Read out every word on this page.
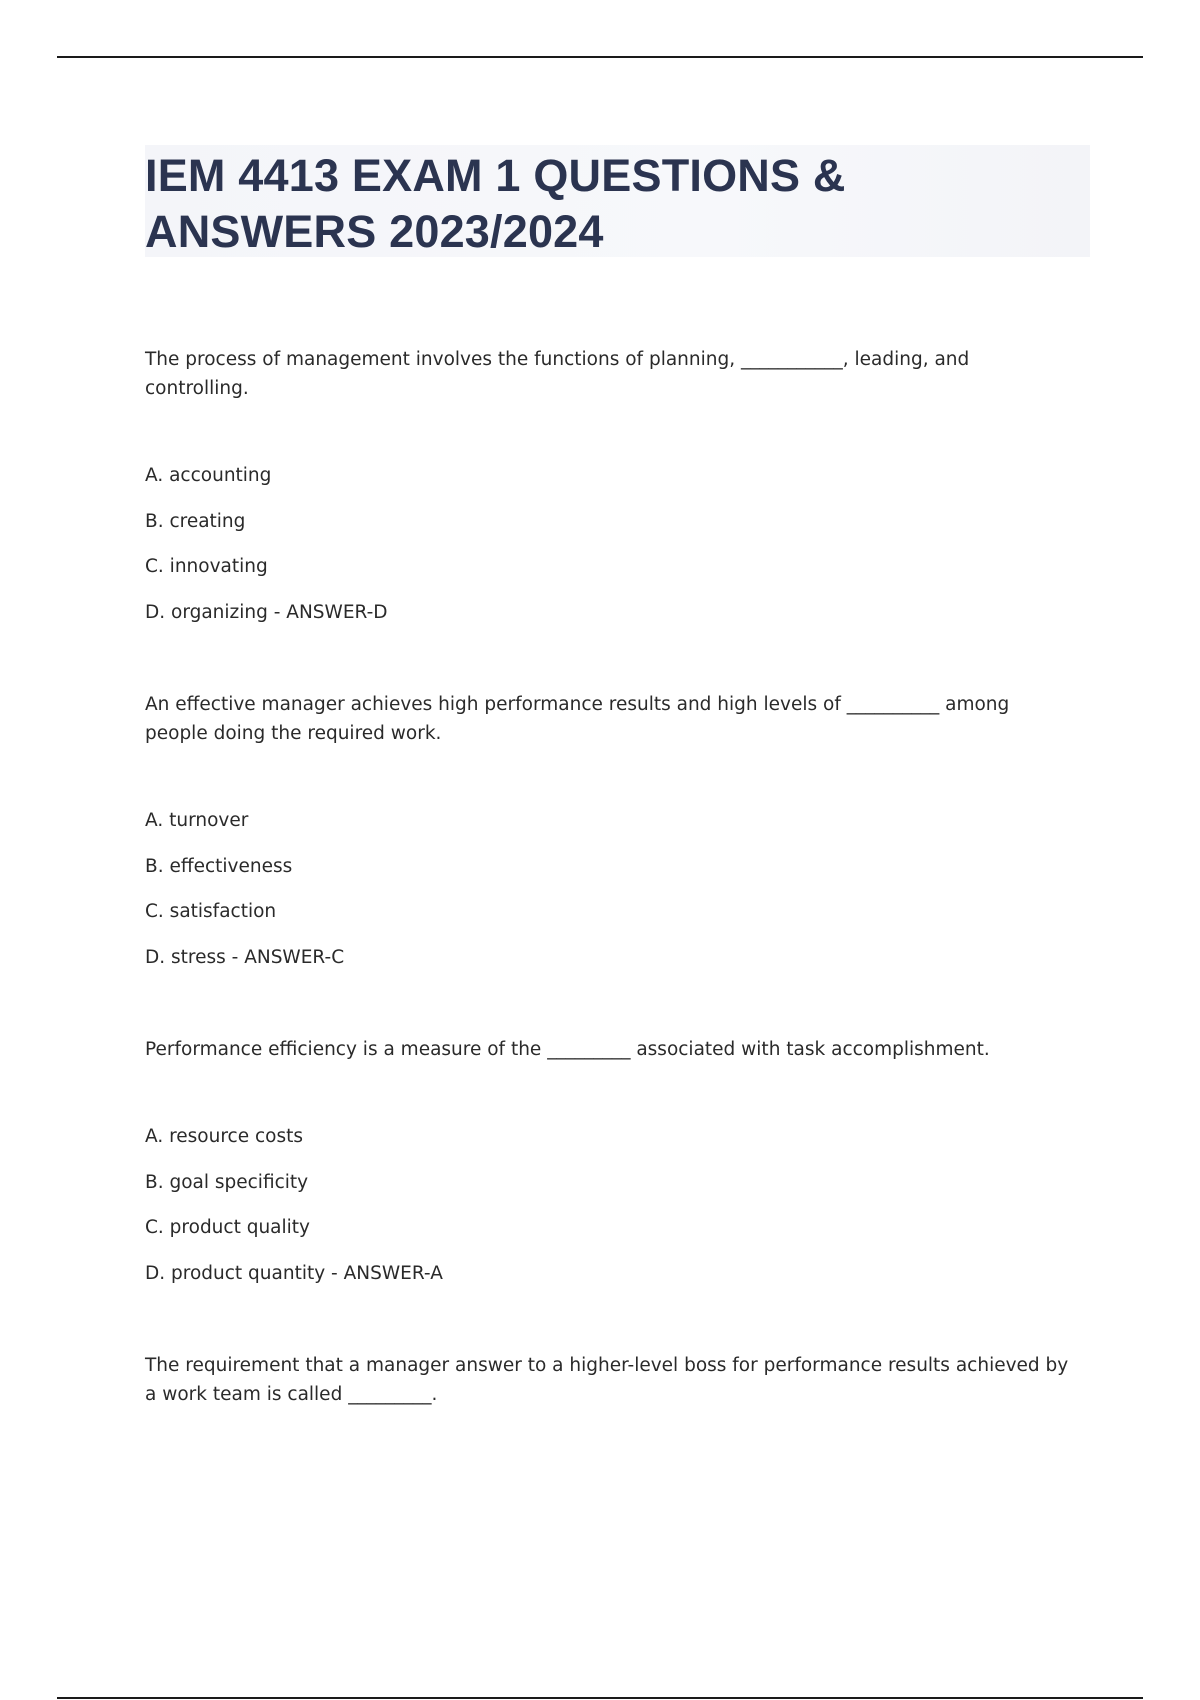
IEM 4413 EXAM 1 QUESTIONS &
ANSWERS 2023/2024

The process of management involves the functions of planning, ___________, leading, and controlling.

A. accounting
B. creating
C. innovating
D. organizing - ANSWER-D

An effective manager achieves high performance results and high levels of __________ among people doing the required work.

A. turnover
B. effectiveness
C. satisfaction
D. stress - ANSWER-C

Performance efficiency is a measure of the _________ associated with task accomplishment.

A. resource costs
B. goal specificity
C. product quality
D. product quantity - ANSWER-A

The requirement that a manager answer to a higher-level boss for performance results achieved by a work team is called _________.
